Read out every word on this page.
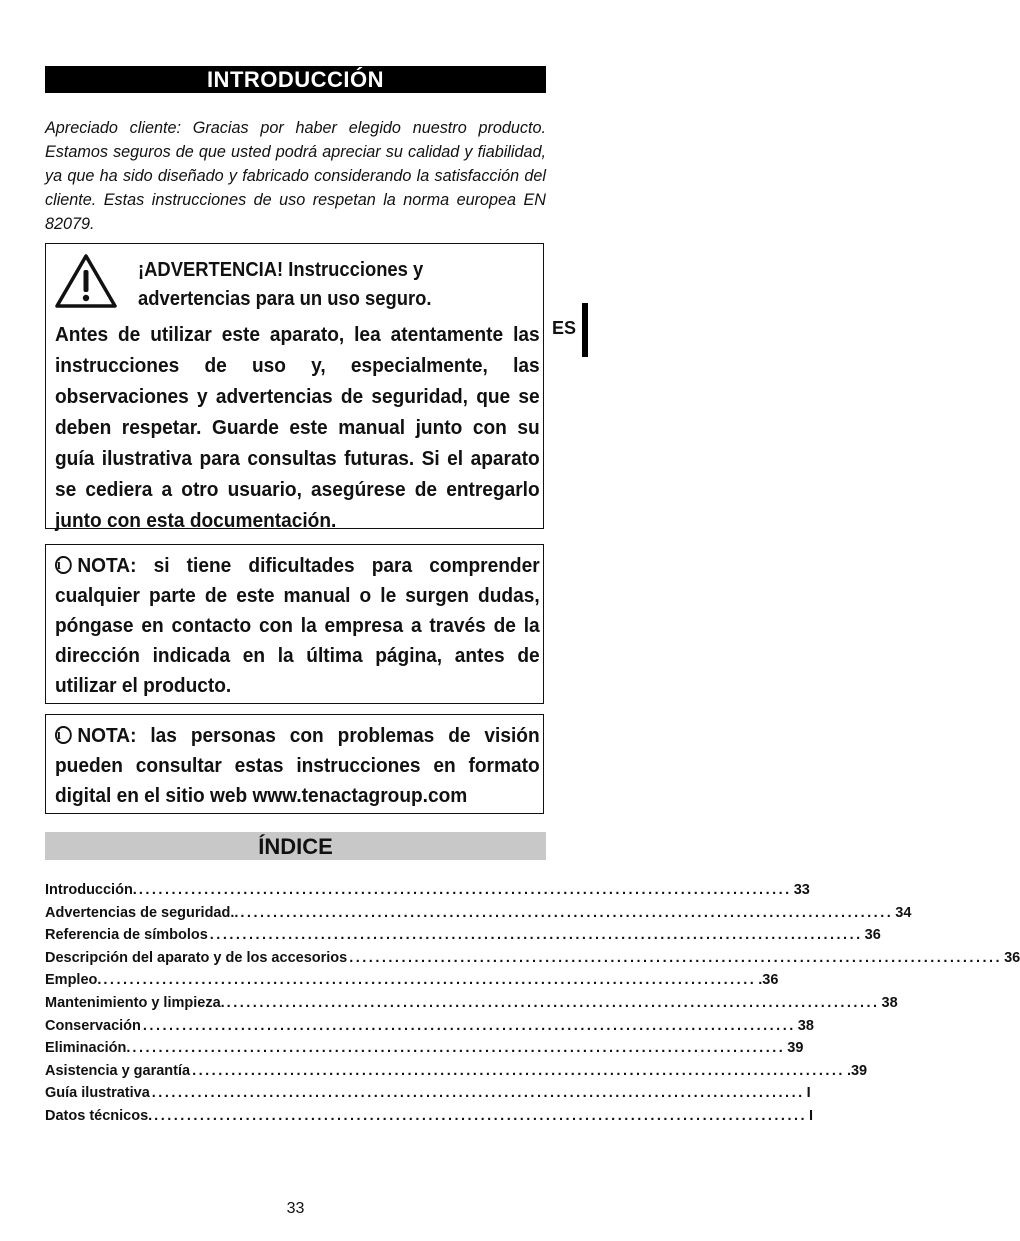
INTRODUCCIÓN

Apreciado cliente: Gracias por haber elegido nuestro producto. Estamos seguros de que usted podrá apreciar su calidad y fiabilidad, ya que ha sido diseñado y fabricado considerando la satisfacción del cliente. Estas instrucciones de uso respetan la norma europea EN 82079.

¡ADVERTENCIA! Instrucciones y
advertencias para un uso seguro.
Antes de utilizar este aparato, lea atentamente las instrucciones de uso y, especialmente, las observaciones y advertencias de seguridad, que se deben respetar. Guarde este manual junto con su guía ilustrativa para consultas futuras. Si el aparato se cediera a otro usuario, asegúrese de entregarlo junto con esta documentación.
ES
iNOTA: si tiene dificultades para comprender cualquier parte de este manual o le surgen dudas, póngase en contacto con la empresa a través de la dirección indicada en la última página, antes de utilizar el producto.
iNOTA: las personas con problemas de visión pueden consultar estas instrucciones en formato digital en el sitio web www.tenactagroup.com
ÍNDICE
Introducción. .................................................................................................... 33
Advertencias de seguridad.. .................................................................................................... 34
Referencia de símbolos .................................................................................................... 36
Descripción del aparato y de los accesorios .................................................................................................... 36
Empleo. .................................................................................................... .36
Mantenimiento y limpieza. .................................................................................................... 38
Conservación .................................................................................................... 38
Eliminación. .................................................................................................... 39
Asistencia y garantía .................................................................................................... .39
Guía ilustrativa .................................................................................................... I
Datos técnicos. .................................................................................................... I
33
